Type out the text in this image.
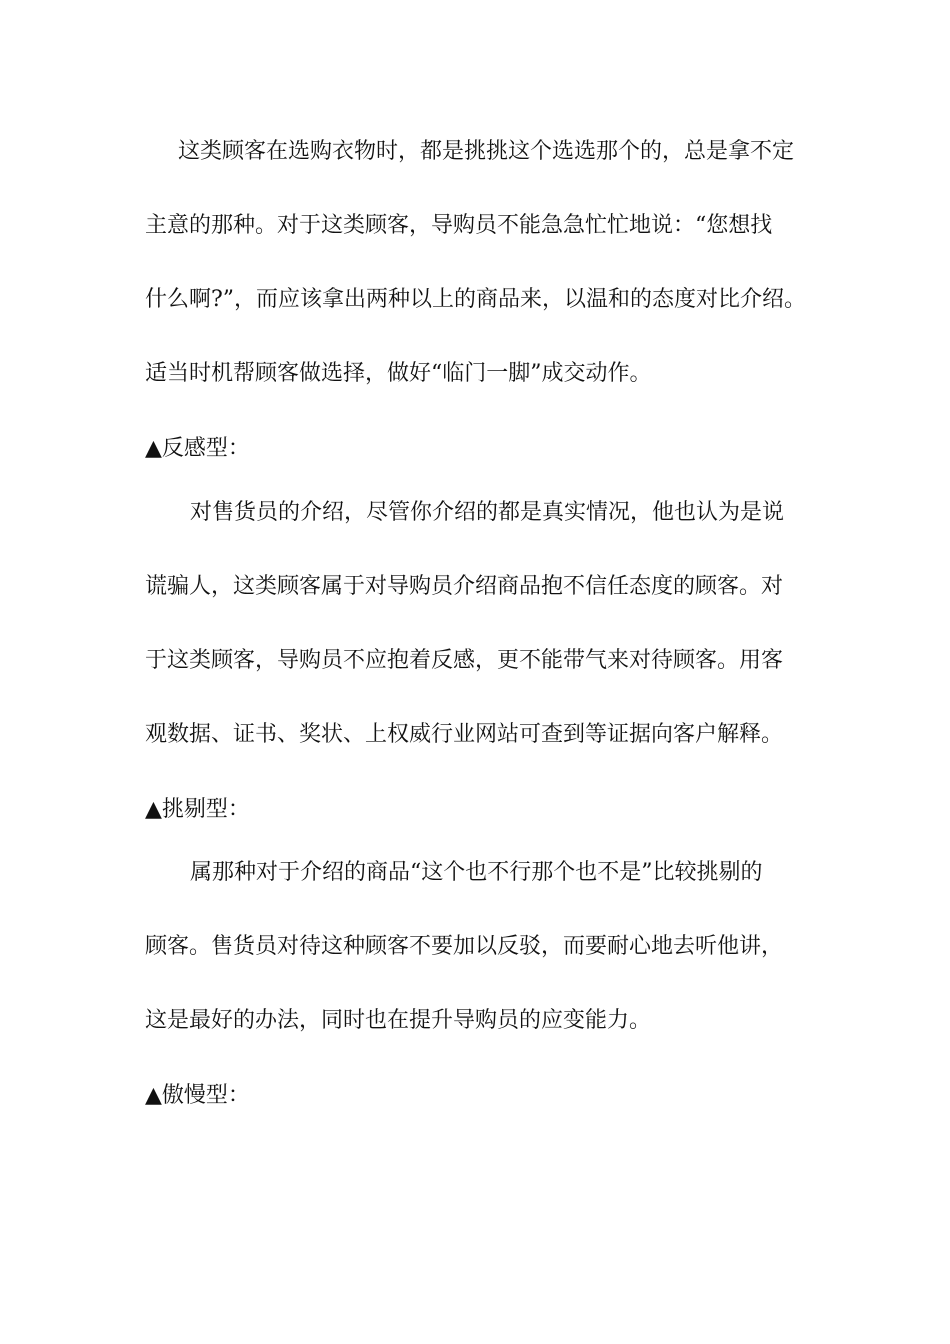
这类顾客在选购衣物时，都是挑挑这个选选那个的，总是拿不定
主意的那种。对于这类顾客，导购员不能急急忙忙地说：“您想找
什么啊?”，而应该拿出两种以上的商品来，以温和的态度对比介绍。
适当时机帮顾客做选择，做好“临门一脚”成交动作。
▲反感型：
对售货员的介绍，尽管你介绍的都是真实情况，他也认为是说
谎骗人，这类顾客属于对导购员介绍商品抱不信任态度的顾客。对
于这类顾客，导购员不应抱着反感，更不能带气来对待顾客。用客
观数据、证书、奖状、上权威行业网站可查到等证据向客户解释。
▲挑剔型：
属那种对于介绍的商品“这个也不行那个也不是”比较挑剔的
顾客。售货员对待这种顾客不要加以反驳，而要耐心地去听他讲，
这是最好的办法，同时也在提升导购员的应变能力。
▲傲慢型：
